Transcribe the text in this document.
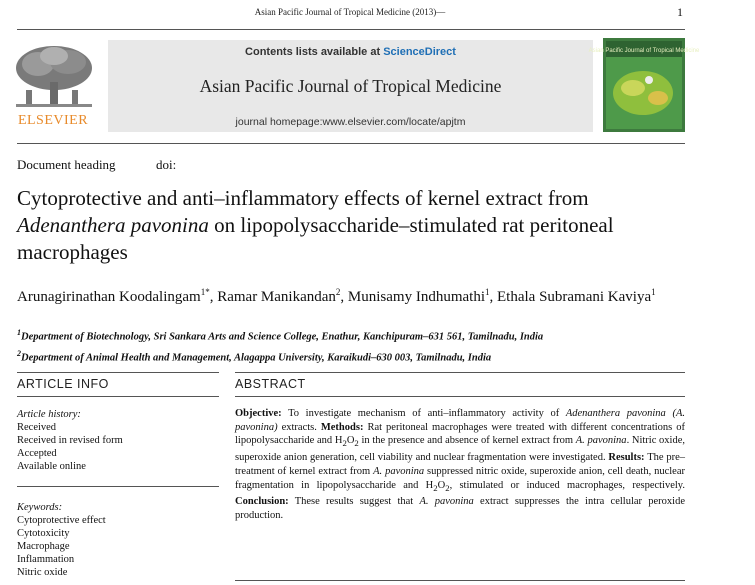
Asian Pacific Journal of Tropical Medicine (2013)—	1
ELSEVIER
Contents lists available at ScienceDirect
Asian Pacific Journal of Tropical Medicine
journal homepage:www.elsevier.com/locate/apjtm
Asian Pacific Journal of Tropical Medicine
Document heading	doi:
Cytoprotective and anti–inflammatory effects of kernel extract from Adenanthera pavonina on lipopolysaccharide–stimulated rat peritoneal macrophages
Arunagirinathan Koodalingam$^{1*}$, Ramar Manikandan$^2$, Munisamy Indhumathi$^1$, Ethala Subramani Kaviya$^1$
$^1$Department of Biotechnology, Sri Sankara Arts and Science College, Enathur, Kanchipuram–631 561, Tamilnadu, India
$^2$Department of Animal Health and Management, Alagappa University, Karaikudi–630 003, Tamilnadu, India
ARTICLE INFO
Article history:
Received
Received in revised form
Accepted
Available online
Keywords:
Cytoprotective effect
Cytotoxicity
Macrophage
Inflammation
Nitric oxide
ABSTRACT
Objective: To investigate mechanism of anti–inflammatory activity of Adenanthera pavonina (A. pavonina) extracts. Methods: Rat peritoneal macrophages were treated with different concentrations of lipopolysaccharide and $H_2O_2$ in the presence and absence of kernel extract from A. pavonina. Nitric oxide, superoxide anion generation, cell viability and nuclear fragmentation were investigated. Results: The pre–treatment of kernel extract from A. pavonina suppressed nitric oxide, superoxide anion, cell death, nuclear fragmentation in lipopolysaccharide and $H_2O_2$, stimulated or induced macrophages, respectively. Conclusion: These results suggest that A. pavonina extract suppresses the intra cellular peroxide production.
